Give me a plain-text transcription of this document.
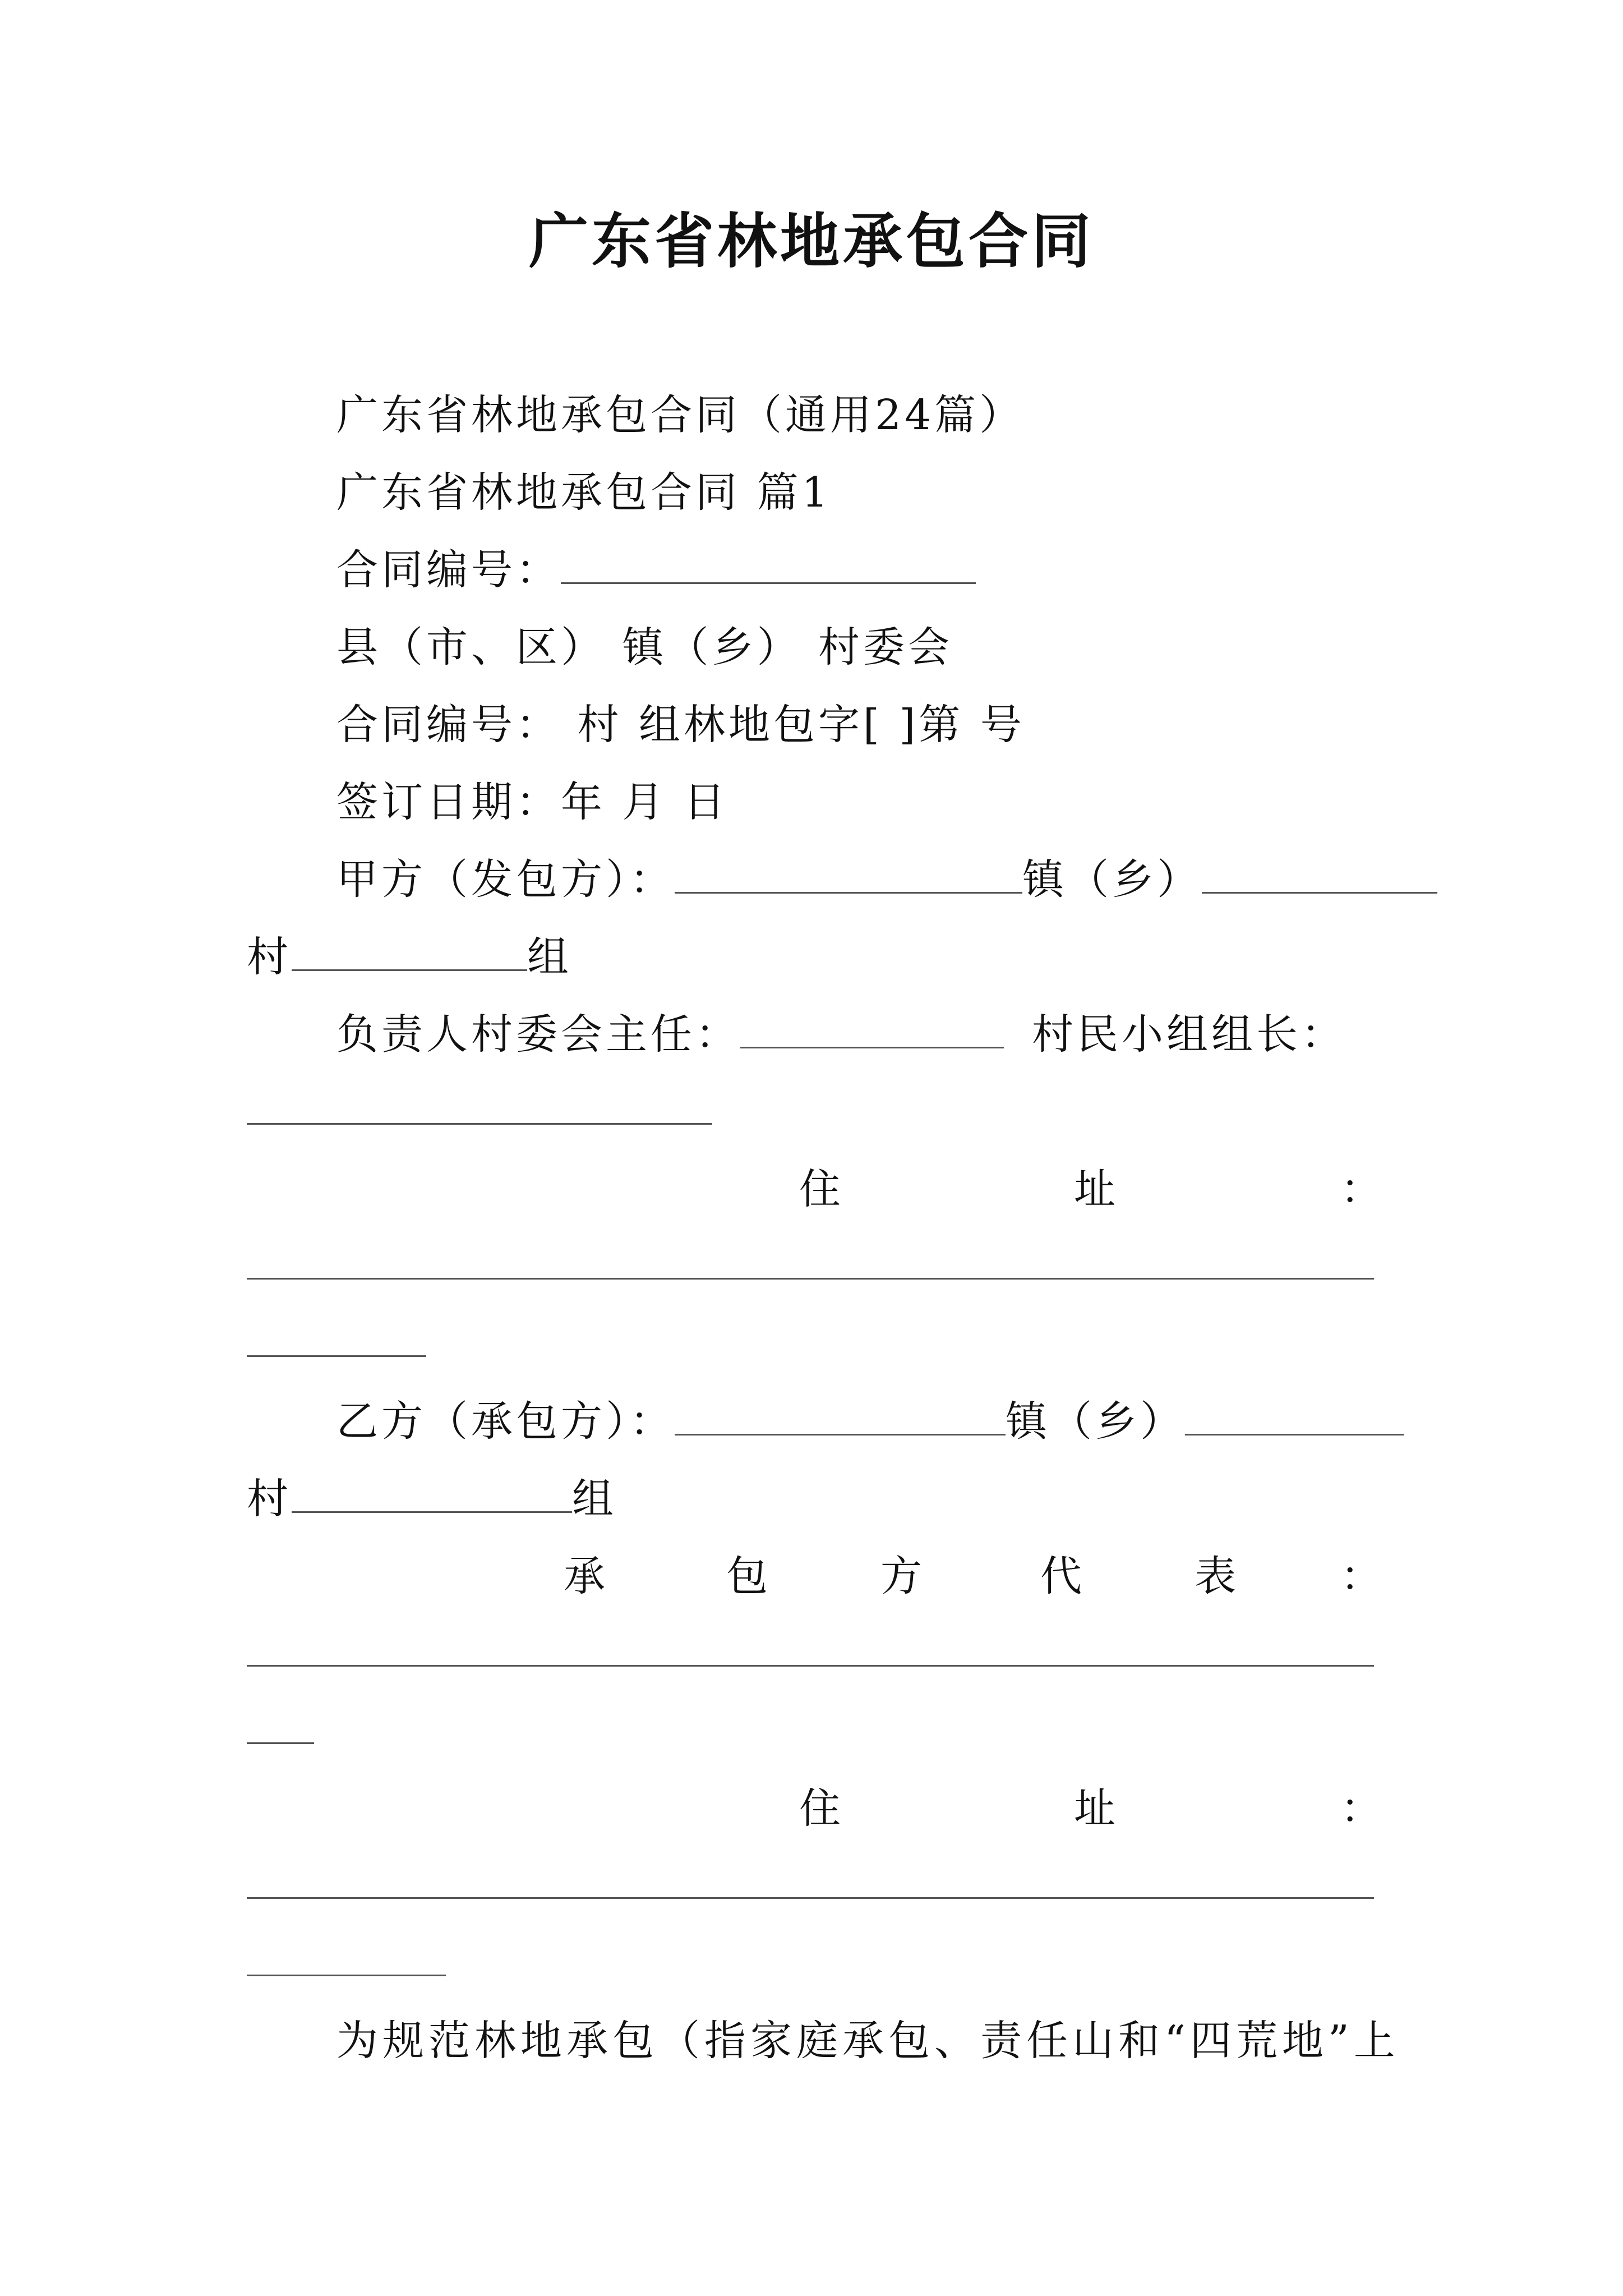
广东省林地承包合同
广东省林地承包合同（通用24篇）
广东省林地承包合同 篇1
合同编号：
县（市、区） 镇（乡） 村委会
合同编号： 村 组林地包字[ ]第 号
签订日期：年 月 日
甲方（发包方）：	镇（乡）
村	组
负责人村委会主任：	村民小组组长：
住	址	：
乙方（承包方）：	镇（乡）
村	组
承	包	方	代	表	：
住	址	：
为规范林地承包（指家庭承包、责任山和“四荒地”上
